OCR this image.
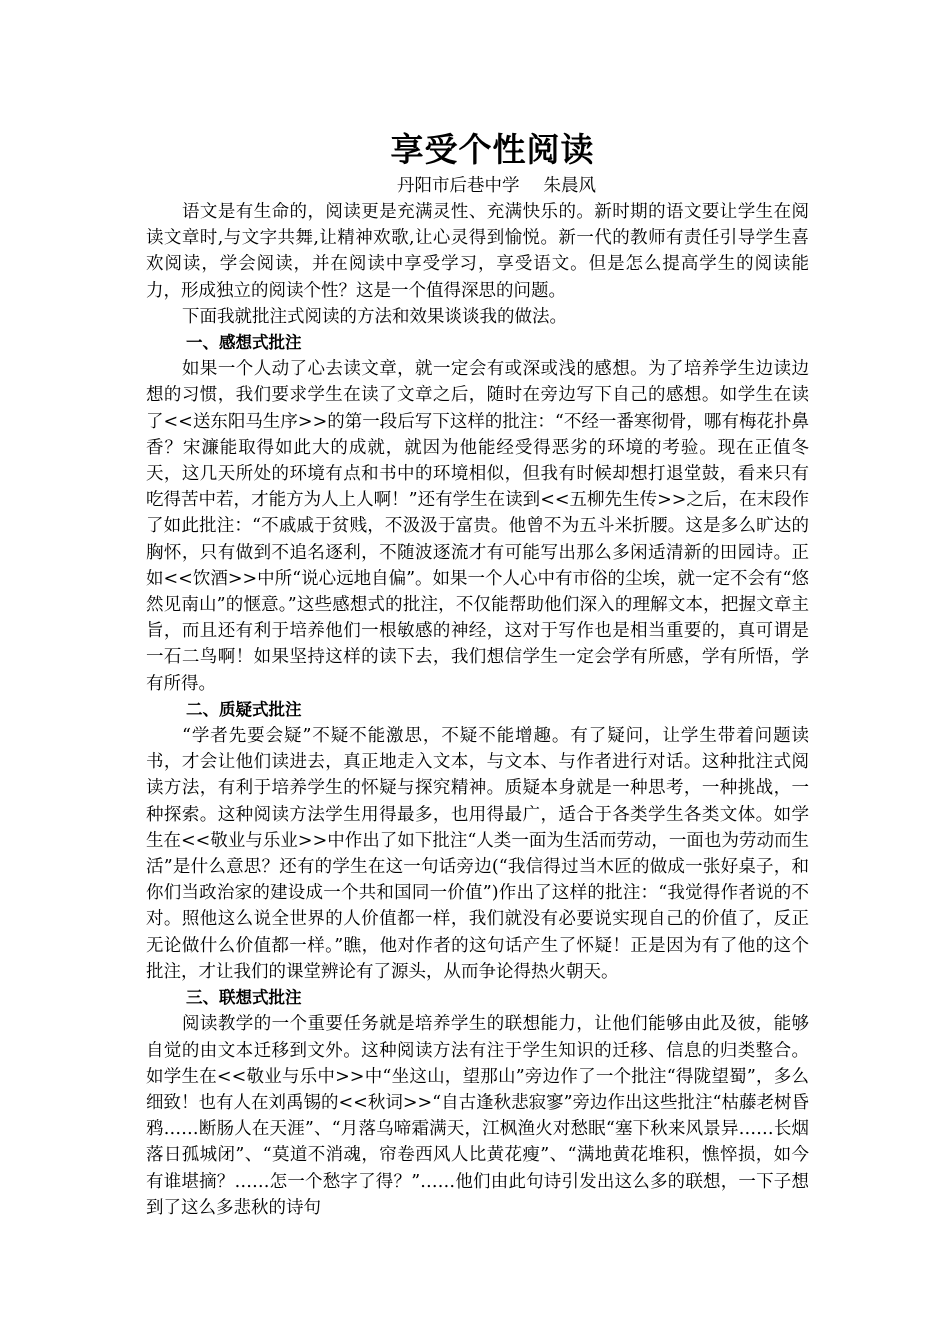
享受个性阅读
丹阳市后巷中学 朱晨风

语文是有生命的，阅读更是充满灵性、充满快乐的。新时期的语文要让学生在阅读文章时,与文字共舞,让精神欢歌,让心灵得到愉悦。新一代的教师有责任引导学生喜欢阅读，学会阅读，并在阅读中享受学习，享受语文。但是怎么提高学生的阅读能力，形成独立的阅读个性？这是一个值得深思的问题。

下面我就批注式阅读的方法和效果谈谈我的做法。

一、感想式批注

如果一个人动了心去读文章，就一定会有或深或浅的感想。为了培养学生边读边想的习惯，我们要求学生在读了文章之后，随时在旁边写下自己的感想。如学生在读了<<送东阳马生序>>的第一段后写下这样的批注：“不经一番寒彻骨，哪有梅花扑鼻香？宋濂能取得如此大的成就，就因为他能经受得恶劣的环境的考验。现在正值冬天，这几天所处的环境有点和书中的环境相似，但我有时候却想打退堂鼓，看来只有吃得苦中若，才能方为人上人啊！”还有学生在读到<<五柳先生传>>之后，在末段作了如此批注：“不戚戚于贫贱，不汲汲于富贵。他曾不为五斗米折腰。这是多么旷达的胸怀，只有做到不追名逐利，不随波逐流才有可能写出那么多闲适清新的田园诗。正如<<饮酒>>中所“说心远地自偏”。如果一个人心中有市俗的尘埃，就一定不会有“悠然见南山”的惬意。”这些感想式的批注，不仅能帮助他们深入的理解文本，把握文章主旨，而且还有利于培养他们一根敏感的神经，这对于写作也是相当重要的，真可谓是一石二鸟啊！如果坚持这样的读下去，我们想信学生一定会学有所感，学有所悟，学有所得。

二、质疑式批注

“学者先要会疑”不疑不能激思，不疑不能增趣。有了疑问，让学生带着问题读书，才会让他们读进去，真正地走入文本，与文本、与作者进行对话。这种批注式阅读方法，有利于培养学生的怀疑与探究精神。质疑本身就是一种思考，一种挑战，一种探索。这种阅读方法学生用得最多，也用得最广，适合于各类学生各类文体。如学生在<<敬业与乐业>>中作出了如下批注“人类一面为生活而劳动，一面也为劳动而生活”是什么意思？还有的学生在这一句话旁边(“我信得过当木匠的做成一张好桌子，和你们当政治家的建设成一个共和国同一价值”)作出了这样的批注：“我觉得作者说的不对。照他这么说全世界的人价值都一样，我们就没有必要说实现自己的价值了，反正无论做什么价值都一样。”瞧，他对作者的这句话产生了怀疑！正是因为有了他的这个批注，才让我们的课堂辨论有了源头，从而争论得热火朝天。

三、联想式批注

阅读教学的一个重要任务就是培养学生的联想能力，让他们能够由此及彼，能够自觉的由文本迁移到文外。这种阅读方法有注于学生知识的迁移、信息的归类整合。如学生在<<敬业与乐中>>中“坐这山，望那山”旁边作了一个批注“得陇望蜀”，多么细致！也有人在刘禹锡的<<秋词>>“自古逢秋悲寂寥”旁边作出这些批注“枯藤老树昏鸦……断肠人在天涯”、“月落乌啼霜满天，江枫渔火对愁眠“塞下秋来风景异……长烟落日孤城闭”、“莫道不消魂，帘卷西风人比黄花瘦”、“满地黄花堆积，憔悴损，如今有谁堪摘？……怎一个愁字了得？”……他们由此句诗引发出这么多的联想，一下子想到了这么多悲秋的诗句
